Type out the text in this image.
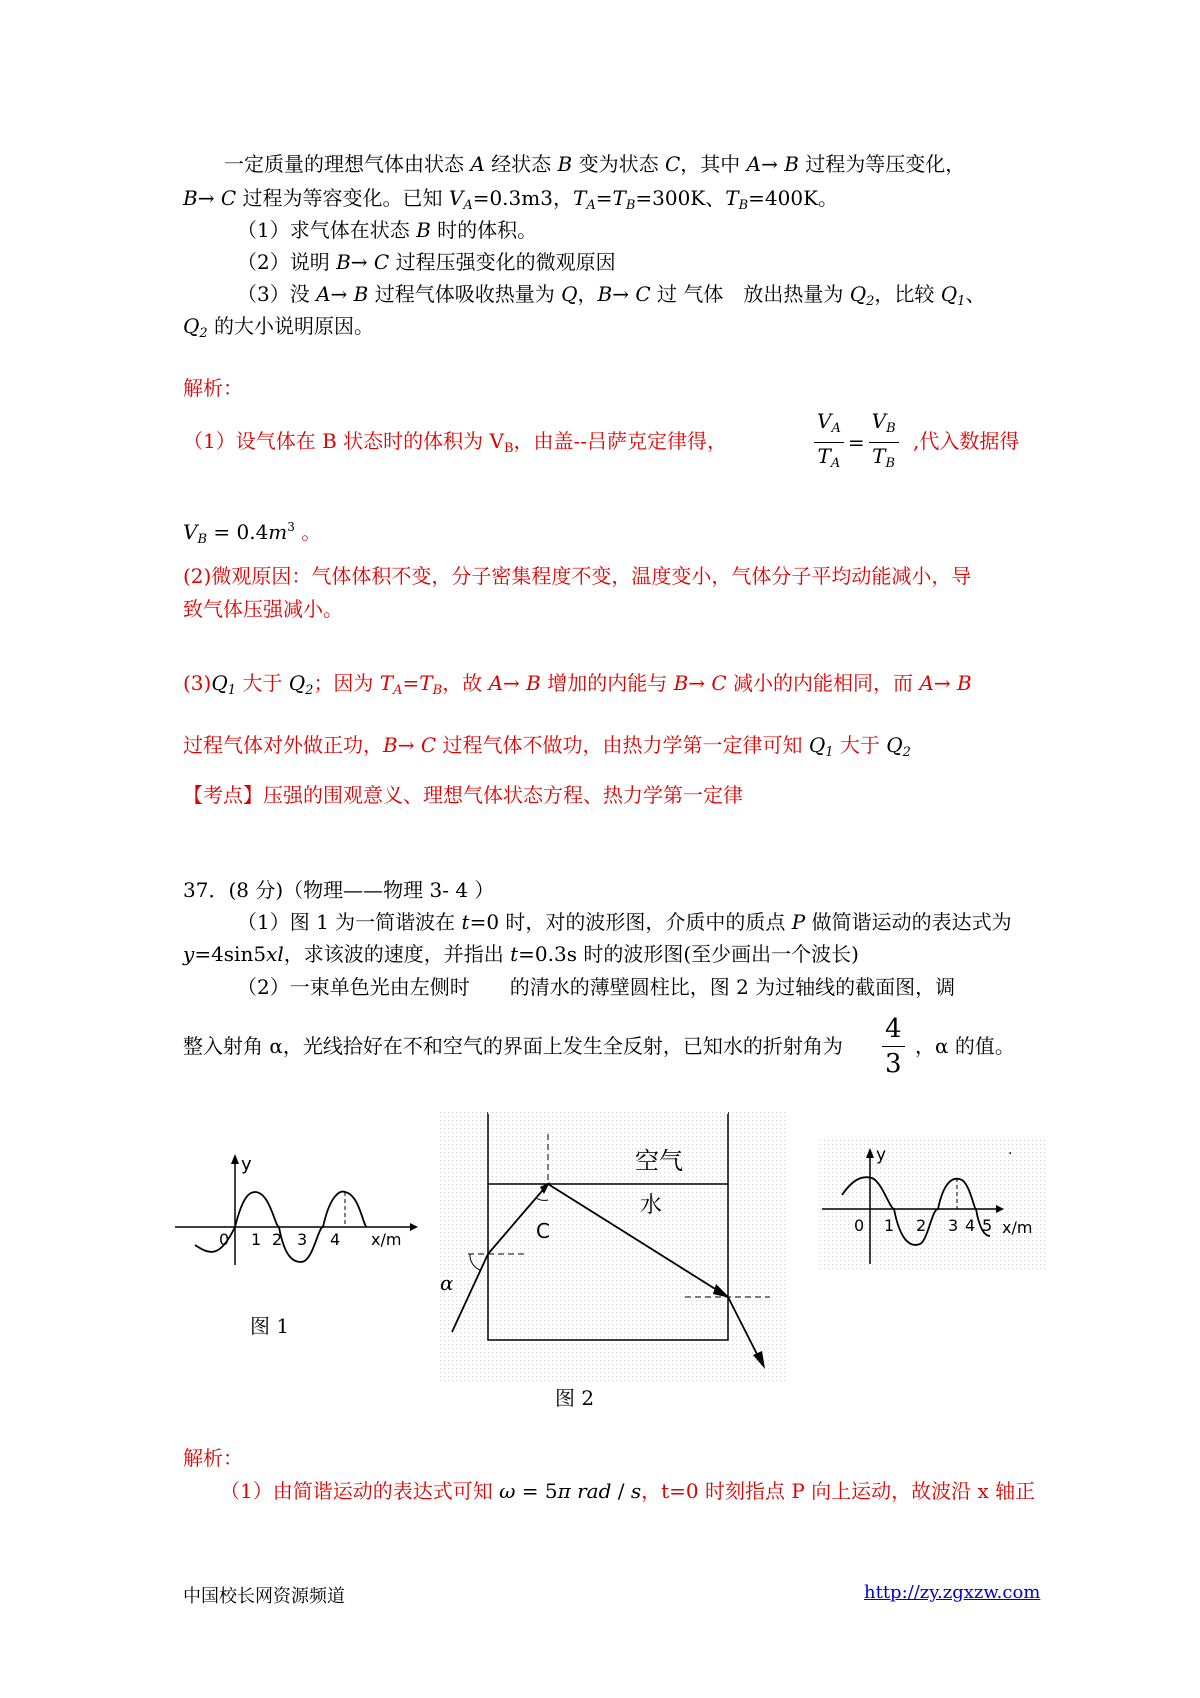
一定质量的理想气体由状态 A 经状态 B 变为状态 C，其中 A→ B 过程为等压变化，
B→ C 过程为等容变化。已知 $V_A=0.3m3$，$T_A=T_B=300K$、$T_B=400K$。
（1）求气体在状态 B 时的体积。
（2）说明 B→ C 过程压强变化的微观原因
（3）没 A→ B 过程气体吸收热量为 Q，B→ C 过 气体　放出热量为 $Q_2$，比较 $Q_1$、
$Q_2$ 的大小说明原因。
解析：
（1）设气体在 B 状态时的体积为 $V_B$，由盖--吕萨克定律得，	$\frac{V_A}{T_A} = \frac{V_B}{T_B}$ ,代入数据得
$V_B = 0.4m^3$ 。
(2)微观原因：气体体积不变，分子密集程度不变，温度变小，气体分子平均动能减小，导
致气体压强减小。
$(3)Q_1$ 大于 $Q_2$；因为 $T_A=T_B$，故 A→ B 增加的内能与 B→ C 减小的内能相同，而 A→ B
过程气体对外做正功，B→ C 过程气体不做功，由热力学第一定律可知 $Q_1$ 大于 $Q_2$
【考点】压强的围观意义、理想气体状态方程、热力学第一定律
37．(8 分)（物理——物理 3- 4 ）
（1）图 1 为一简谐波在 t=0 时，对的波形图，介质中的质点 P 做简谐运动的表达式为
y=4sin5xl，求该波的速度，并指出 t=0.3s 时的波形图(至少画出一个波长)
（2）一束单色光由左侧时　　的清水的薄壁圆柱比，图 2 为过轴线的截面图，调
整入射角 α，光线拾好在不和空气的界面上发生全反射，已知水的折射角为 $\frac{4}{3}$ ，α 的值。
y
x/m
0 1 2 3 4
图 1
空气
水
C
α
图 2
y
x/m
0 1 2 3 4 5
·
解析：
（1）由简谐运动的表达式可知 ω = 5π rad / s，t=0 时刻指点 P 向上运动，故波沿 x 轴正
中国校长网资源频道	http://zy.zgxzw.com
